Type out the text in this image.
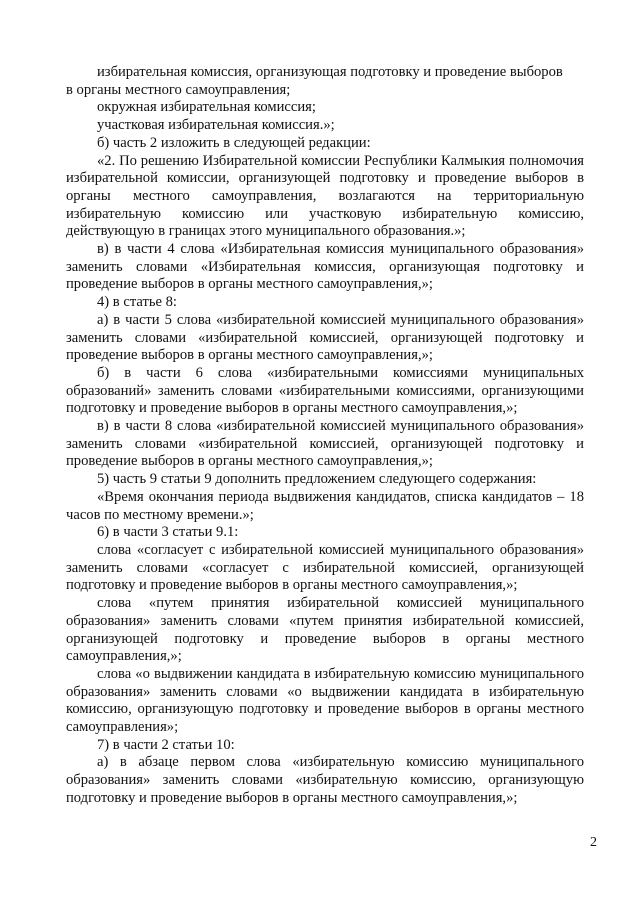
избирательная комиссия, организующая подготовку и проведение выборов
в органы местного самоуправления;

окружная избирательная комиссия;

участковая избирательная комиссия.»;

б) часть 2 изложить в следующей редакции:

«2. По решению Избирательной комиссии Республики Калмыкия полномочия избирательной комиссии, организующей подготовку и проведение выборов в органы местного самоуправления, возлагаются на территориальную избирательную комиссию или участковую избирательную комиссию, действующую в границах этого муниципального образования.»;

в) в части 4 слова «Избирательная комиссия муниципального образования» заменить словами «Избирательная комиссия, организующая подготовку и проведение выборов в органы местного самоуправления,»;

4) в статье 8:

а) в части 5 слова «избирательной комиссией муниципального образования» заменить словами «избирательной комиссией, организующей подготовку и проведение выборов в органы местного самоуправления,»;

б) в части 6 слова «избирательными комиссиями муниципальных образований» заменить словами «избирательными комиссиями, организующими подготовку и проведение выборов в органы местного самоуправления,»;

в) в части 8 слова «избирательной комиссией муниципального образования» заменить словами «избирательной комиссией, организующей подготовку и проведение выборов в органы местного самоуправления,»;

5) часть 9 статьи 9 дополнить предложением следующего содержания:

«Время окончания периода выдвижения кандидатов, списка кандидатов – 18 часов по местному времени.»;

6) в части 3 статьи 9.1:

слова «согласует с избирательной комиссией муниципального образования» заменить словами «согласует с избирательной комиссией, организующей подготовку и проведение выборов в органы местного самоуправления,»;

слова «путем принятия избирательной комиссией муниципального образования» заменить словами «путем принятия избирательной комиссией, организующей подготовку и проведение выборов в органы местного самоуправления,»;

слова «о выдвижении кандидата в избирательную комиссию муниципального образования» заменить словами «о выдвижении кандидата в избирательную комиссию, организующую подготовку и проведение выборов в органы местного самоуправления»;

7) в части 2 статьи 10:

а) в абзаце первом слова «избирательную комиссию муниципального образования» заменить словами «избирательную комиссию, организующую подготовку и проведение выборов в органы местного самоуправления,»;

2
